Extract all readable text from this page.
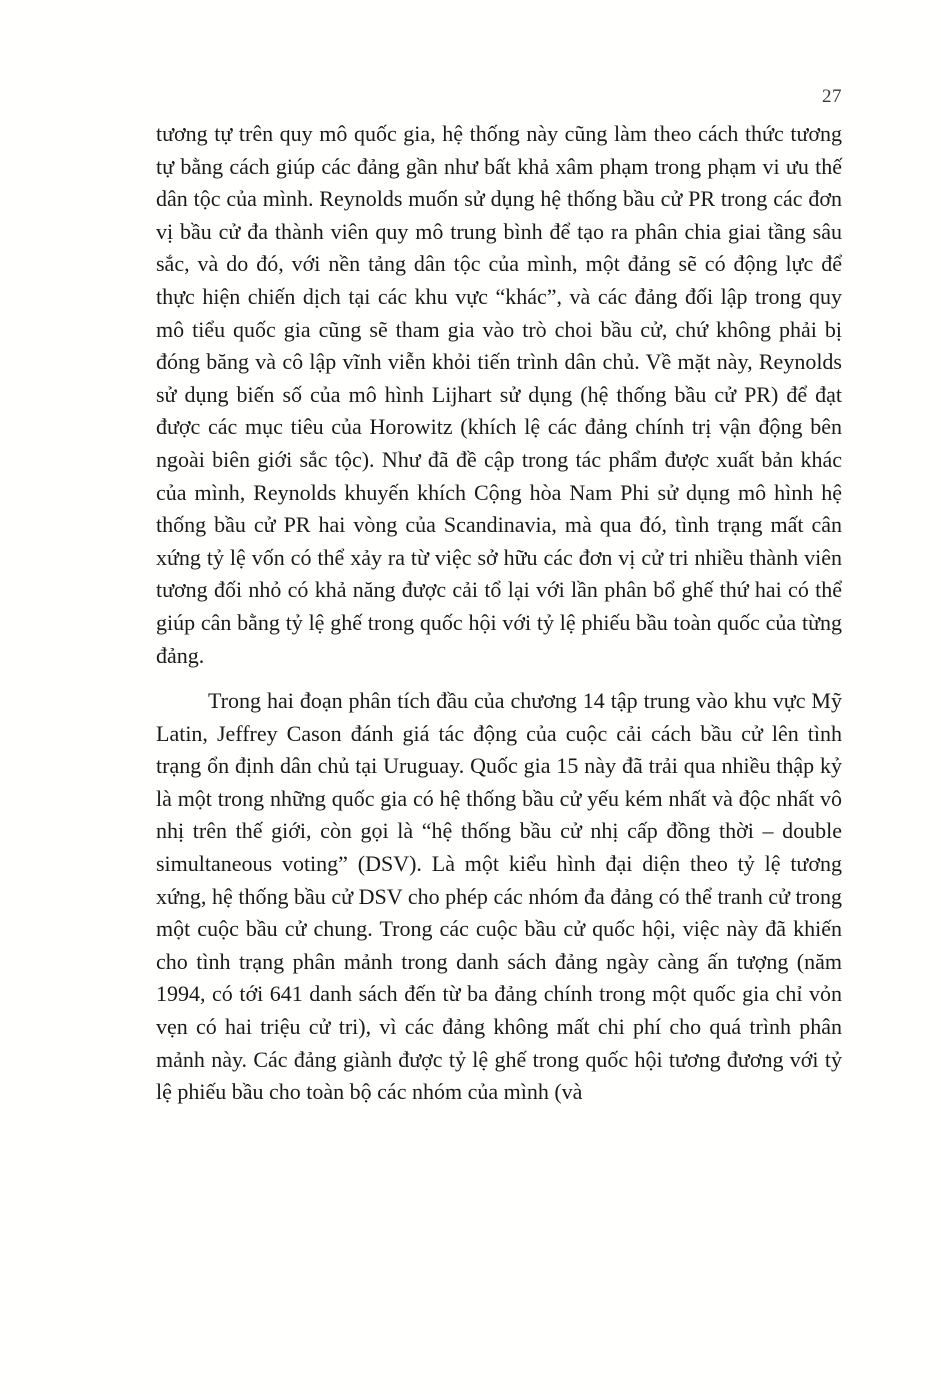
27

tương tự trên quy mô quốc gia, hệ thống này cũng làm theo cách thức tương tự bằng cách giúp các đảng gần như bất khả xâm phạm trong phạm vi ưu thế dân tộc của mình. Reynolds muốn sử dụng hệ thống bầu cử PR trong các đơn vị bầu cử đa thành viên quy mô trung bình để tạo ra phân chia giai tầng sâu sắc, và do đó, với nền tảng dân tộc của mình, một đảng sẽ có động lực để thực hiện chiến dịch tại các khu vực “khác”, và các đảng đối lập trong quy mô tiểu quốc gia cũng sẽ tham gia vào trò choi bầu cử, chứ không phải bị đóng băng và cô lập vĩnh viễn khỏi tiến trình dân chủ. Về mặt này, Reynolds sử dụng biến số của mô hình Lijhart sử dụng (hệ thống bầu cử PR) để đạt được các mục tiêu của Horowitz (khích lệ các đảng chính trị vận động bên ngoài biên giới sắc tộc). Như đã đề cập trong tác phẩm được xuất bản khác của mình, Reynolds khuyến khích Cộng hòa Nam Phi sử dụng mô hình hệ thống bầu cử PR hai vòng của Scandinavia, mà qua đó, tình trạng mất cân xứng tỷ lệ vốn có thể xảy ra từ việc sở hữu các đơn vị cử tri nhiều thành viên tương đối nhỏ có khả năng được cải tổ lại với lần phân bổ ghế thứ hai có thể giúp cân bằng tỷ lệ ghế trong quốc hội với tỷ lệ phiếu bầu toàn quốc của từng đảng.

Trong hai đoạn phân tích đầu của chương 14 tập trung vào khu vực Mỹ Latin, Jeffrey Cason đánh giá tác động của cuộc cải cách bầu cử lên tình trạng ổn định dân chủ tại Uruguay. Quốc gia 15 này đã trải qua nhiều thập kỷ là một trong những quốc gia có hệ thống bầu cử yếu kém nhất và độc nhất vô nhị trên thế giới, còn gọi là “hệ thống bầu cử nhị cấp đồng thời – double simultaneous voting” (DSV). Là một kiểu hình đại diện theo tỷ lệ tương xứng, hệ thống bầu cử DSV cho phép các nhóm đa đảng có thể tranh cử trong một cuộc bầu cử chung. Trong các cuộc bầu cử quốc hội, việc này đã khiến cho tình trạng phân mảnh trong danh sách đảng ngày càng ấn tượng (năm 1994, có tới 641 danh sách đến từ ba đảng chính trong một quốc gia chỉ vỏn vẹn có hai triệu cử tri), vì các đảng không mất chi phí cho quá trình phân mảnh này. Các đảng giành được tỷ lệ ghế trong quốc hội tương đương với tỷ lệ phiếu bầu cho toàn bộ các nhóm của mình (và
